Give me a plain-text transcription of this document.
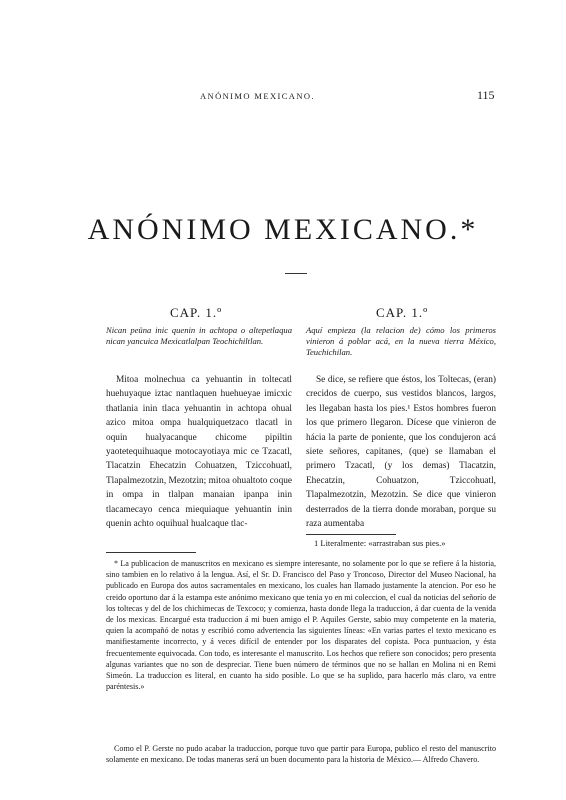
ANÓNIMO MEXICANO.	115
ANÓNIMO MEXICANO.*

CAP. 1.º	CAP. 1.º

Nican peüna inic quenin in achtopa o altepetlaqua nican yancuica Mexicatlalpan Teochichiltlan.

Aquí empieza (la relacion de) cómo los primeros vinieron á poblar acá, en la nueva tierra México, Teuchichilan.

Mitoa molnechua ca yehuantin in toltecatl huehuyaque iztac nantlaquen huehueyae imicxic thatlania inin tlaca yehuantin in achtopa ohual azico mitoa ompa hualquiquetzaco tlacatl in oquin hualyacanque chicome pipiltin yaotetequihuaque motocayotiaya mic ce Tzacatl, Tlacatzin Ehecatzin Cohuatzen, Tziccohuatl, Tlapalmezotzin, Mezotzin; mitoa ohualtoto coque in ompa in tlalpan manaian ipanpa inin tlacamecayo cenca miequiaque yehuantin inin quenin achto oquihual hualcaque tlac-

Se dice, se refiere que éstos, los Toltecas, (eran) crecidos de cuerpo, sus vestidos blancos, largos, les llegaban hasta los pies.¹ Estos hombres fueron los que primero llegaron. Dícese que vinieron de hácia la parte de poniente, que los condujeron acá siete señores, capitanes, (que) se llamaban el primero Tzacatl, (y los demas) Tlacatzin, Ehecatzin, Cohuatzon, Tziccohuatl, Tlapalmezotzin, Mezotzin. Se dice que vinieron desterrados de la tierra donde moraban, porque su raza aumentaba

1 Literalmente: «arrastraban sus pies.»

* La publicacion de manuscritos en mexicano es siempre interesante, no solamente por lo que se refiere á la historia, sino tambien en lo relativo á la lengua. Así, el Sr. D. Francisco del Paso y Troncoso, Director del Museo Nacional, ha publicado en Europa dos autos sacramentales en mexicano, los cuales han llamado justamente la atencion. Por eso he creido oportuno dar á la estampa este anónimo mexicano que tenia yo en mi coleccion, el cual da noticias del señorío de los toltecas y del de los chichimecas de Texcoco; y comienza, hasta donde llega la traduccion, á dar cuenta de la venida de los mexicas. Encargué esta traduccion á mi buen amigo el P. Aquiles Gerste, sabio muy competente en la materia, quien la acompañó de notas y escribió como advertencia las siguientes líneas: «En varias partes el texto mexicano es manifiestamente incorrecto, y á veces difícil de entender por los disparates del copista. Poca puntuacion, y ésta frecuentemente equivocada. Con todo, es interesante el manuscrito. Los hechos que refiere son conocidos; pero presenta algunas variantes que no son de despreciar. Tiene buen número de términos que no se hallan en Molina ni en Remi Simeón. La traduccion es literal, en cuanto ha sido posible. Lo que se ha suplido, para hacerlo más claro, va entre paréntesis.»

Como el P. Gerste no pudo acabar la traduccion, porque tuvo que partir para Europa, publico el resto del manuscrito solamente en mexicano. De todas maneras será un buen documento para la historia de México.— Alfredo Chavero.
